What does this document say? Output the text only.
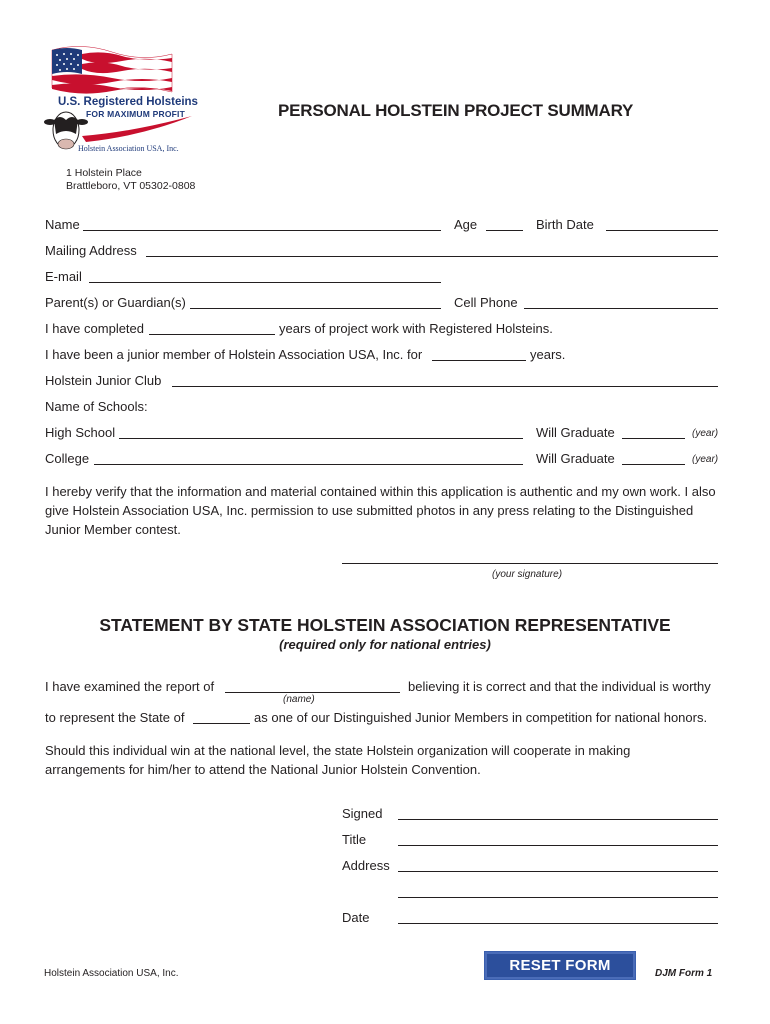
U.S. Registered Holsteins
FOR MAXIMUM PROFIT
Holstein Association USA, Inc.
1 Holstein Place
Brattleboro, VT 05302-0808
PERSONAL HOLSTEIN PROJECT SUMMARY
Name	Age	Birth Date
Mailing Address
E-mail
Parent(s) or Guardian(s)	Cell Phone
I have completed	years of project work with Registered Holsteins.
I have been a junior member of Holstein Association USA, Inc. for	years.
Holstein Junior Club
Name of Schools:
High School	Will Graduate	(year)
College	Will Graduate	(year)
I hereby verify that the information and material contained within this application is authentic and my own work. I also give Holstein Association USA, Inc. permission to use submitted photos in any press relating to the Distinguished Junior Member contest.
(your signature)
STATEMENT BY STATE HOLSTEIN ASSOCIATION REPRESENTATIVE
(required only for national entries)
I have examined the report of	believing it is correct and that the individual is worthy
(name)
to represent the State of	as one of our Distinguished Junior Members in competition for national honors.
Should this individual win at the national level, the state Holstein organization will cooperate in making arrangements for him/her to attend the National Junior Holstein Convention.
Signed
Title
Address
Date
RESET FORM
Holstein Association USA, Inc.	DJM Form 1
